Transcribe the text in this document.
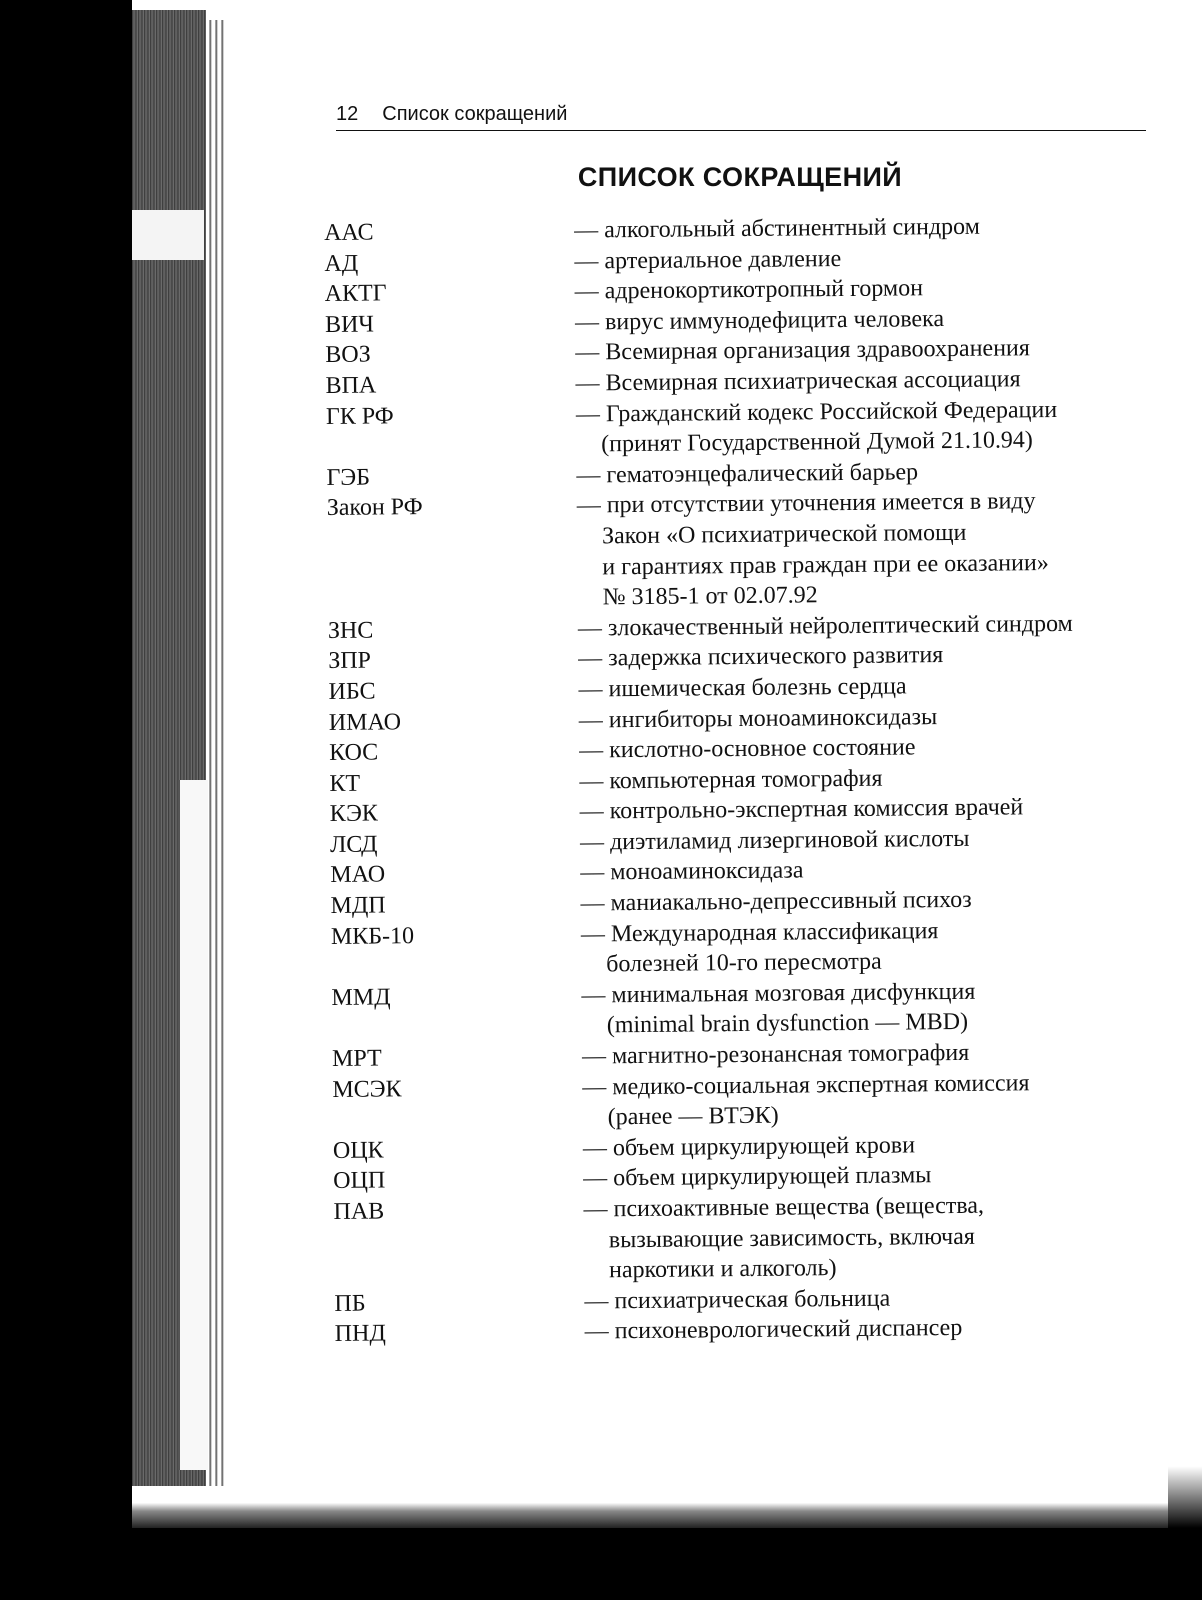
12 Список сокращений
СПИСОК СОКРАЩЕНИЙ
ААС	— алкогольный абстинентный синдром
АД	— артериальное давление
АКТГ	— адренокортикотропный гормон
ВИЧ	— вирус иммунодефицита человека
ВОЗ	— Всемирная организация здравоохранения
ВПА	— Всемирная психиатрическая ассоциация
ГК РФ	— Гражданский кодекс Российской Федерации
(принят Государственной Думой 21.10.94)
ГЭБ	— гематоэнцефалический барьер
Закон РФ	— при отсутствии уточнения имеется в виду
Закон «О психиатрической помощи
и гарантиях прав граждан при ее оказании»
№ 3185-1 от 02.07.92
ЗНС	— злокачественный нейролептический синдром
ЗПР	— задержка психического развития
ИБС	— ишемическая болезнь сердца
ИМАО	— ингибиторы моноаминоксидазы
КОС	— кислотно-основное состояние
КТ	— компьютерная томография
КЭК	— контрольно-экспертная комиссия врачей
ЛСД	— диэтиламид лизергиновой кислоты
МАО	— моноаминоксидаза
МДП	— маниакально-депрессивный психоз
МКБ-10	— Международная классификация
болезней 10-го пересмотра
ММД	— минимальная мозговая дисфункция
(minimal brain dysfunction — MBD)
МРТ	— магнитно-резонансная томография
МСЭК	— медико-социальная экспертная комиссия
(ранее — ВТЭК)
ОЦК	— объем циркулирующей крови
ОЦП	— объем циркулирующей плазмы
ПАВ	— психоактивные вещества (вещества,
вызывающие зависимость, включая
наркотики и алкоголь)
ПБ	— психиатрическая больница
ПНД	— психоневрологический диспансер
